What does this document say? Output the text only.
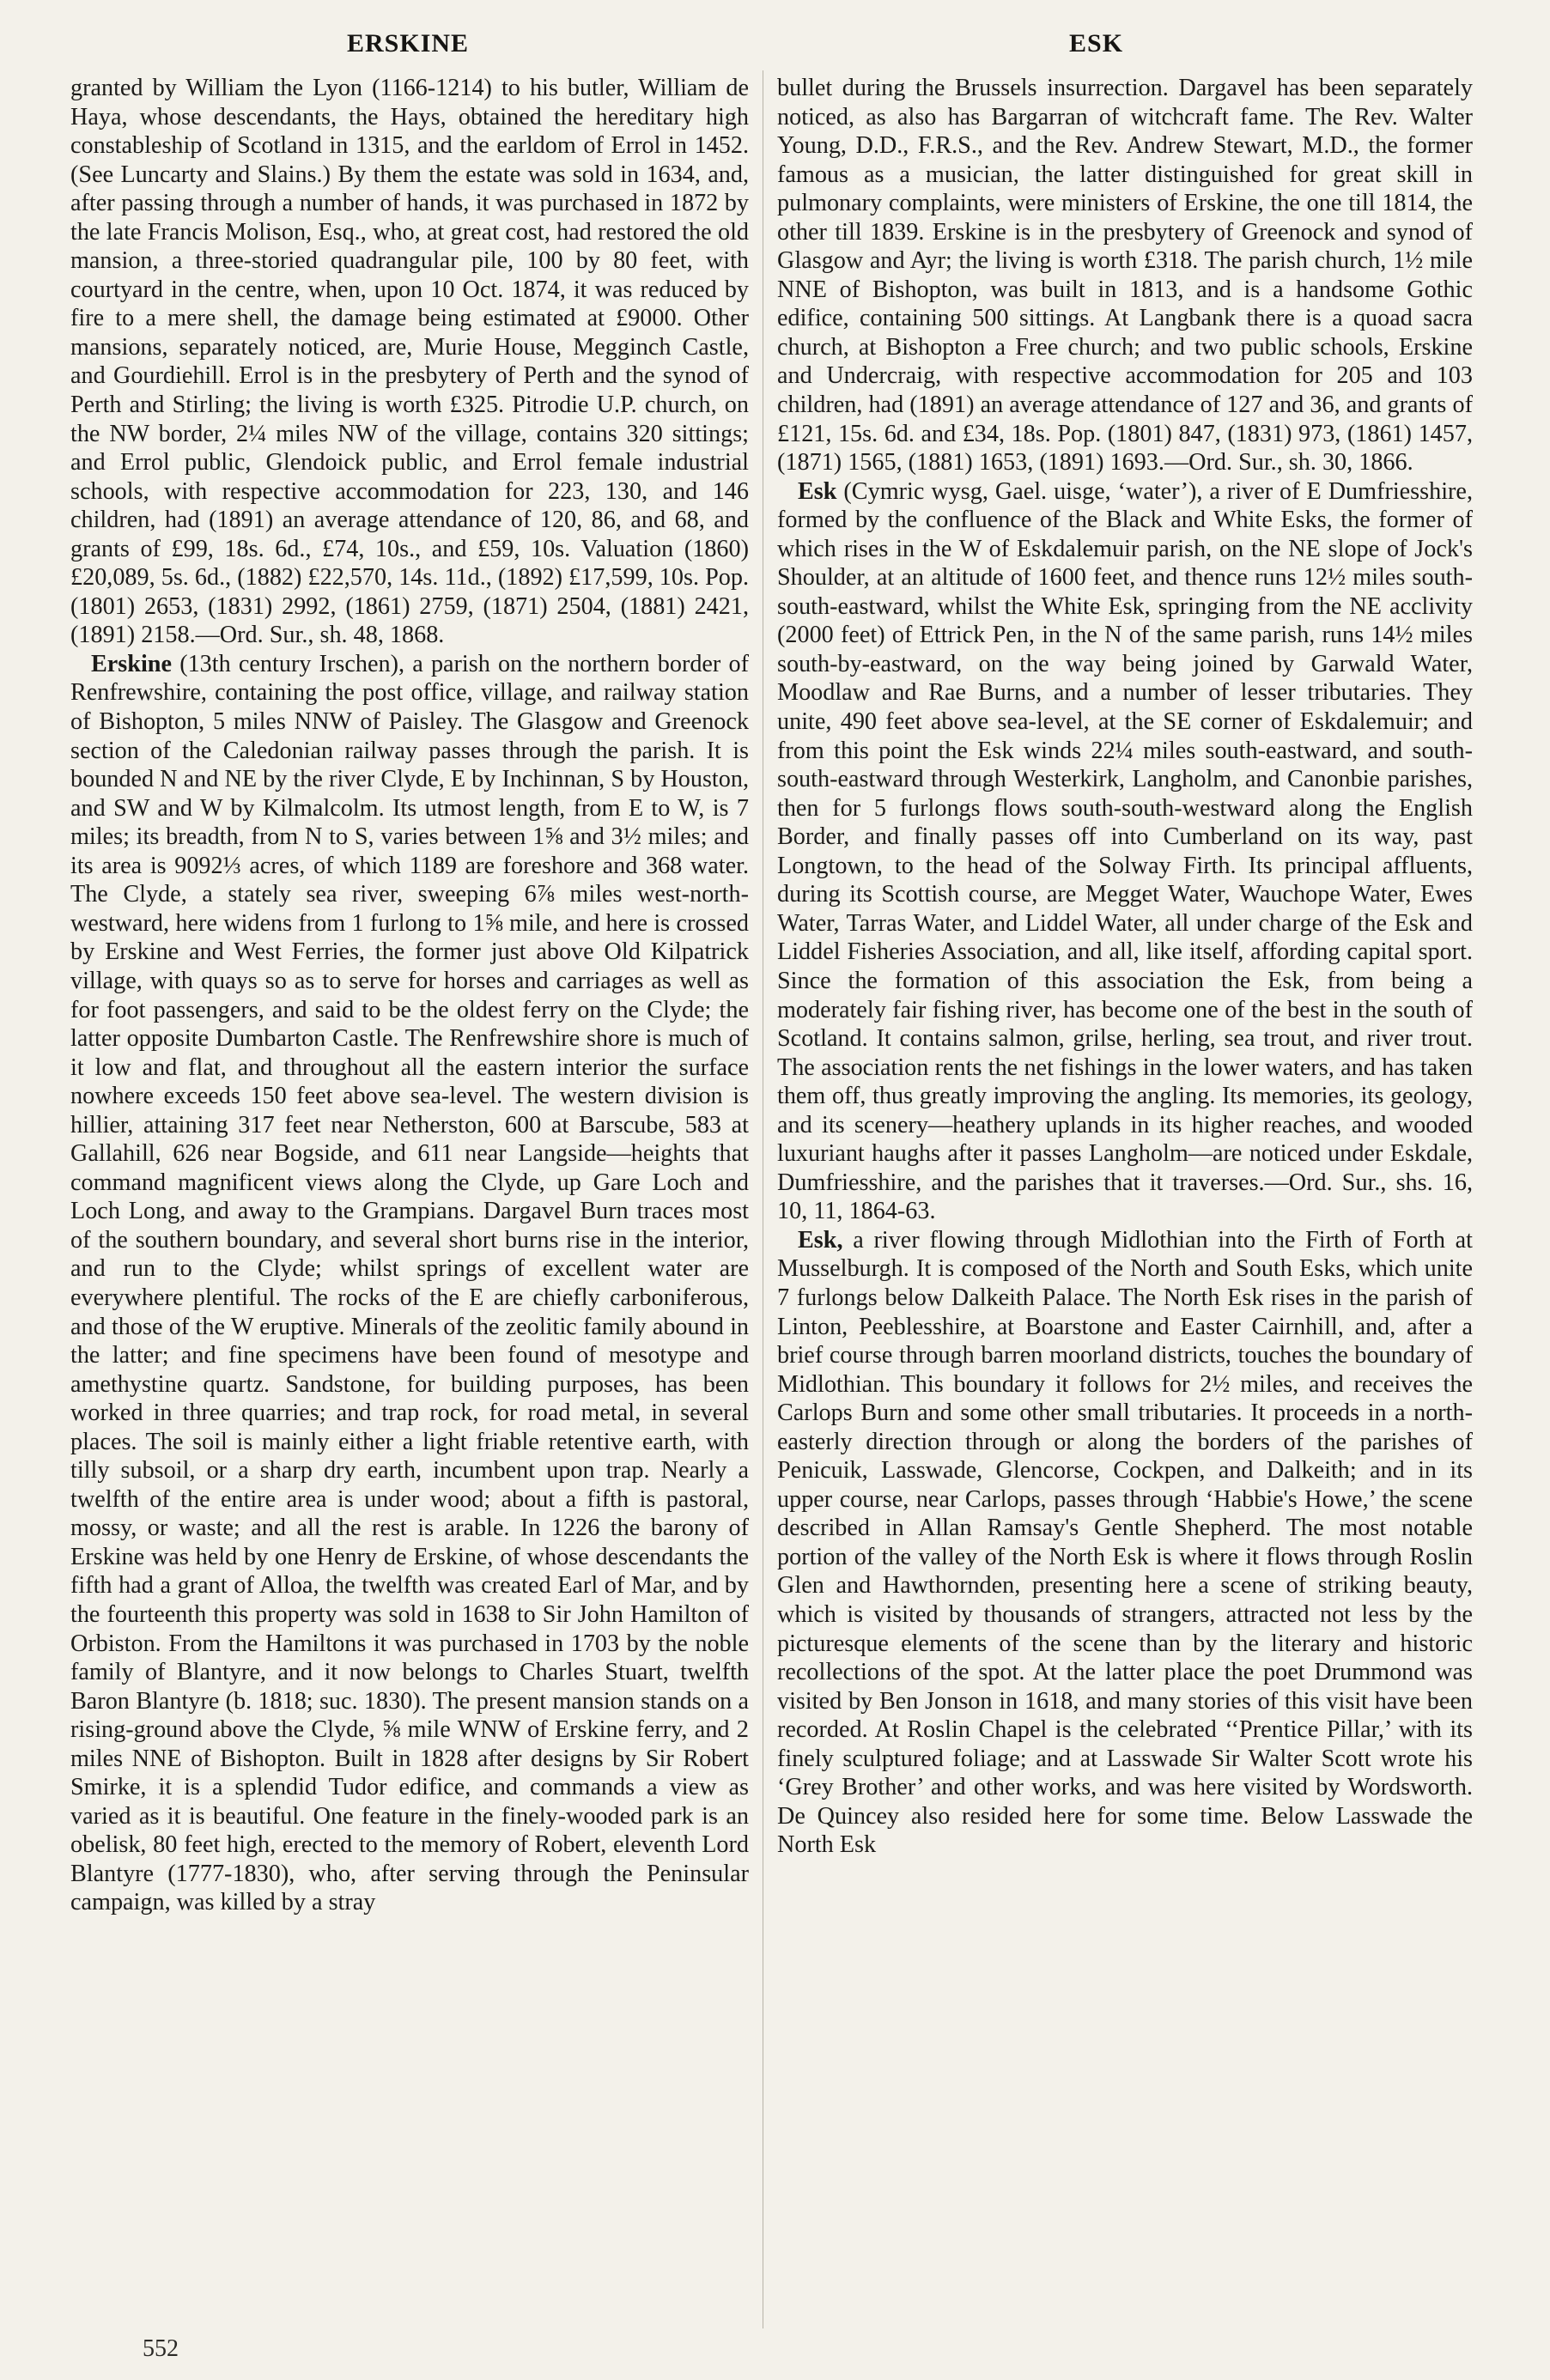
ERSKINE	ESK

granted by William the Lyon (1166-1214) to his butler, William de Haya, whose descendants, the Hays, obtained the hereditary high constableship of Scotland in 1315, and the earldom of Errol in 1452. (See Luncarty and Slains.) By them the estate was sold in 1634, and, after passing through a number of hands, it was purchased in 1872 by the late Francis Molison, Esq., who, at great cost, had restored the old mansion, a three-storied quadrangular pile, 100 by 80 feet, with courtyard in the centre, when, upon 10 Oct. 1874, it was reduced by fire to a mere shell, the damage being estimated at £9000. Other mansions, separately noticed, are, Murie House, Megginch Castle, and Gourdiehill. Errol is in the presbytery of Perth and the synod of Perth and Stirling; the living is worth £325. Pitrodie U.P. church, on the NW border, 2¼ miles NW of the village, contains 320 sittings; and Errol public, Glendoick public, and Errol female industrial schools, with respective accommodation for 223, 130, and 146 children, had (1891) an average attendance of 120, 86, and 68, and grants of £99, 18s. 6d., £74, 10s., and £59, 10s. Valuation (1860) £20,089, 5s. 6d., (1882) £22,570, 14s. 11d., (1892) £17,599, 10s. Pop. (1801) 2653, (1831) 2992, (1861) 2759, (1871) 2504, (1881) 2421, (1891) 2158.—Ord. Sur., sh. 48, 1868.

Erskine (13th century Irschen), a parish on the northern border of Renfrewshire, containing the post office, village, and railway station of Bishopton, 5 miles NNW of Paisley. The Glasgow and Greenock section of the Caledonian railway passes through the parish. It is bounded N and NE by the river Clyde, E by Inchinnan, S by Houston, and SW and W by Kilmalcolm. Its utmost length, from E to W, is 7 miles; its breadth, from N to S, varies between 1⅝ and 3½ miles; and its area is 9092⅓ acres, of which 1189 are foreshore and 368 water. The Clyde, a stately sea river, sweeping 6⅞ miles west-north-westward, here widens from 1 furlong to 1⅝ mile, and here is crossed by Erskine and West Ferries, the former just above Old Kilpatrick village, with quays so as to serve for horses and carriages as well as for foot passengers, and said to be the oldest ferry on the Clyde; the latter opposite Dumbarton Castle. The Renfrewshire shore is much of it low and flat, and throughout all the eastern interior the surface nowhere exceeds 150 feet above sea-level. The western division is hillier, attaining 317 feet near Netherston, 600 at Barscube, 583 at Gallahill, 626 near Bogside, and 611 near Langside—heights that command magnificent views along the Clyde, up Gare Loch and Loch Long, and away to the Grampians. Dargavel Burn traces most of the southern boundary, and several short burns rise in the interior, and run to the Clyde; whilst springs of excellent water are everywhere plentiful. The rocks of the E are chiefly carboniferous, and those of the W eruptive. Minerals of the zeolitic family abound in the latter; and fine specimens have been found of mesotype and amethystine quartz. Sandstone, for building purposes, has been worked in three quarries; and trap rock, for road metal, in several places. The soil is mainly either a light friable retentive earth, with tilly subsoil, or a sharp dry earth, incumbent upon trap. Nearly a twelfth of the entire area is under wood; about a fifth is pastoral, mossy, or waste; and all the rest is arable. In 1226 the barony of Erskine was held by one Henry de Erskine, of whose descendants the fifth had a grant of Alloa, the twelfth was created Earl of Mar, and by the fourteenth this property was sold in 1638 to Sir John Hamilton of Orbiston. From the Hamiltons it was purchased in 1703 by the noble family of Blantyre, and it now belongs to Charles Stuart, twelfth Baron Blantyre (b. 1818; suc. 1830). The present mansion stands on a rising-ground above the Clyde, ⅝ mile WNW of Erskine ferry, and 2 miles NNE of Bishopton. Built in 1828 after designs by Sir Robert Smirke, it is a splendid Tudor edifice, and commands a view as varied as it is beautiful. One feature in the finely-wooded park is an obelisk, 80 feet high, erected to the memory of Robert, eleventh Lord Blantyre (1777-1830), who, after serving through the Peninsular campaign, was killed by a stray

bullet during the Brussels insurrection. Dargavel has been separately noticed, as also has Bargarran of witchcraft fame. The Rev. Walter Young, D.D., F.R.S., and the Rev. Andrew Stewart, M.D., the former famous as a musician, the latter distinguished for great skill in pulmonary complaints, were ministers of Erskine, the one till 1814, the other till 1839. Erskine is in the presbytery of Greenock and synod of Glasgow and Ayr; the living is worth £318. The parish church, 1½ mile NNE of Bishopton, was built in 1813, and is a handsome Gothic edifice, containing 500 sittings. At Langbank there is a quoad sacra church, at Bishopton a Free church; and two public schools, Erskine and Undercraig, with respective accommodation for 205 and 103 children, had (1891) an average attendance of 127 and 36, and grants of £121, 15s. 6d. and £34, 18s. Pop. (1801) 847, (1831) 973, (1861) 1457, (1871) 1565, (1881) 1653, (1891) 1693.—Ord. Sur., sh. 30, 1866.

Esk (Cymric wysg, Gael. uisge, ‘water’), a river of E Dumfriesshire, formed by the confluence of the Black and White Esks, the former of which rises in the W of Eskdalemuir parish, on the NE slope of Jock's Shoulder, at an altitude of 1600 feet, and thence runs 12½ miles south-south-eastward, whilst the White Esk, springing from the NE acclivity (2000 feet) of Ettrick Pen, in the N of the same parish, runs 14½ miles south-by-eastward, on the way being joined by Garwald Water, Moodlaw and Rae Burns, and a number of lesser tributaries. They unite, 490 feet above sea-level, at the SE corner of Eskdalemuir; and from this point the Esk winds 22¼ miles south-eastward, and south-south-eastward through Westerkirk, Langholm, and Canonbie parishes, then for 5 furlongs flows south-south-westward along the English Border, and finally passes off into Cumberland on its way, past Longtown, to the head of the Solway Firth. Its principal affluents, during its Scottish course, are Megget Water, Wauchope Water, Ewes Water, Tarras Water, and Liddel Water, all under charge of the Esk and Liddel Fisheries Association, and all, like itself, affording capital sport. Since the formation of this association the Esk, from being a moderately fair fishing river, has become one of the best in the south of Scotland. It contains salmon, grilse, herling, sea trout, and river trout. The association rents the net fishings in the lower waters, and has taken them off, thus greatly improving the angling. Its memories, its geology, and its scenery—heathery uplands in its higher reaches, and wooded luxuriant haughs after it passes Langholm—are noticed under Eskdale, Dumfriesshire, and the parishes that it traverses.—Ord. Sur., shs. 16, 10, 11, 1864-63.

Esk, a river flowing through Midlothian into the Firth of Forth at Musselburgh. It is composed of the North and South Esks, which unite 7 furlongs below Dalkeith Palace. The North Esk rises in the parish of Linton, Peeblesshire, at Boarstone and Easter Cairnhill, and, after a brief course through barren moorland districts, touches the boundary of Midlothian. This boundary it follows for 2½ miles, and receives the Carlops Burn and some other small tributaries. It proceeds in a north-easterly direction through or along the borders of the parishes of Penicuik, Lasswade, Glencorse, Cockpen, and Dalkeith; and in its upper course, near Carlops, passes through ‘Habbie's Howe,’ the scene described in Allan Ramsay's Gentle Shepherd. The most notable portion of the valley of the North Esk is where it flows through Roslin Glen and Hawthornden, presenting here a scene of striking beauty, which is visited by thousands of strangers, attracted not less by the picturesque elements of the scene than by the literary and historic recollections of the spot. At the latter place the poet Drummond was visited by Ben Jonson in 1618, and many stories of this visit have been recorded. At Roslin Chapel is the celebrated ‘‘Prentice Pillar,’ with its finely sculptured foliage; and at Lasswade Sir Walter Scott wrote his ‘Grey Brother’ and other works, and was here visited by Wordsworth. De Quincey also resided here for some time. Below Lasswade the North Esk

552
